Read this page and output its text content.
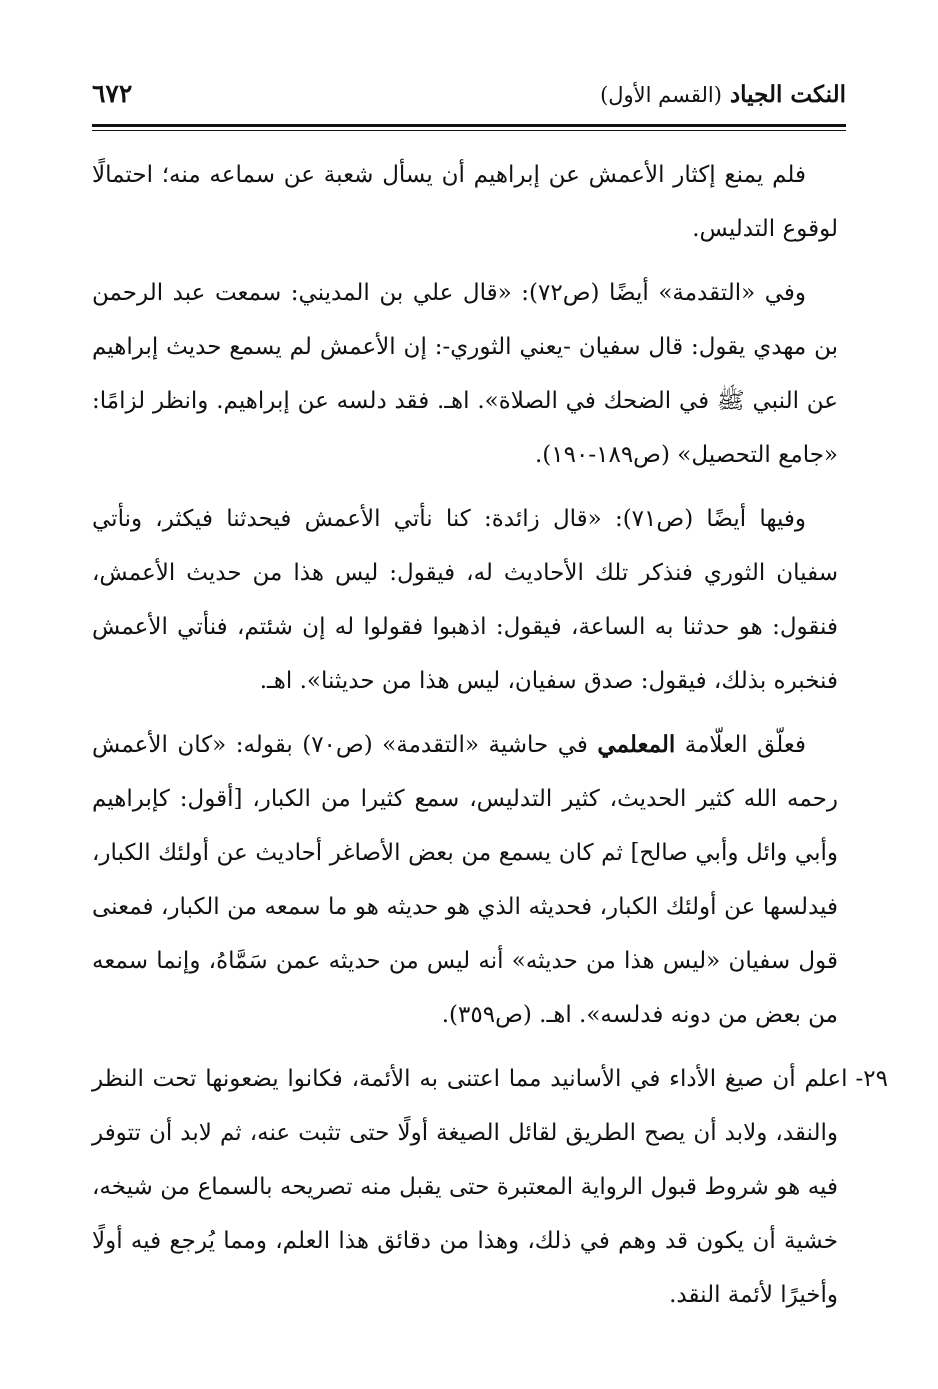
النكت الجياد (القسم الأول)
٦٧٢

فلم يمنع إكثار الأعمش عن إبراهيم أن يسأل شعبة عن سماعه منه؛ احتمالًا لوقوع التدليس.

وفي «التقدمة» أيضًا (ص٧٢): «قال علي بن المديني: سمعت عبد الرحمن بن مهدي يقول: قال سفيان -يعني الثوري-: إن الأعمش لم يسمع حديث إبراهيم عن النبي ﷺ في الضحك في الصلاة». اهـ. فقد دلسه عن إبراهيم. وانظر لزامًا: «جامع التحصيل» (ص١٨٩-١٩٠).

وفيها أيضًا (ص٧١): «قال زائدة: كنا نأتي الأعمش فيحدثنا فيكثر، ونأتي سفيان الثوري فنذكر تلك الأحاديث له، فيقول: ليس هذا من حديث الأعمش، فنقول: هو حدثنا به الساعة، فيقول: اذهبوا فقولوا له إن شئتم، فنأتي الأعمش فنخبره بذلك، فيقول: صدق سفيان، ليس هذا من حديثنا». اهـ.

فعلّق العلّامة المعلمي في حاشية «التقدمة» (ص٧٠) بقوله: «كان الأعمش رحمه الله كثير الحديث، كثير التدليس، سمع كثيرا من الكبار، [أقول: كإبراهيم وأبي وائل وأبي صالح] ثم كان يسمع من بعض الأصاغر أحاديث عن أولئك الكبار، فيدلسها عن أولئك الكبار، فحديثه الذي هو حديثه هو ما سمعه من الكبار، فمعنى قول سفيان «ليس هذا من حديثه» أنه ليس من حديثه عمن سَمَّاهُ، وإنما سمعه من بعض من دونه فدلسه». اهـ. (ص٣٥٩).

٢٩-اعلم أن صيغ الأداء في الأسانيد مما اعتنى به الأئمة، فكانوا يضعونها تحت النظر والنقد، ولابد أن يصح الطريق لقائل الصيغة أولًا حتى تثبت عنه، ثم لابد أن تتوفر فيه هو شروط قبول الرواية المعتبرة حتى يقبل منه تصريحه بالسماع من شيخه، خشية أن يكون قد وهم في ذلك، وهذا من دقائق هذا العلم، ومما يُرجع فيه أولًا وأخيرًا لأئمة النقد.
